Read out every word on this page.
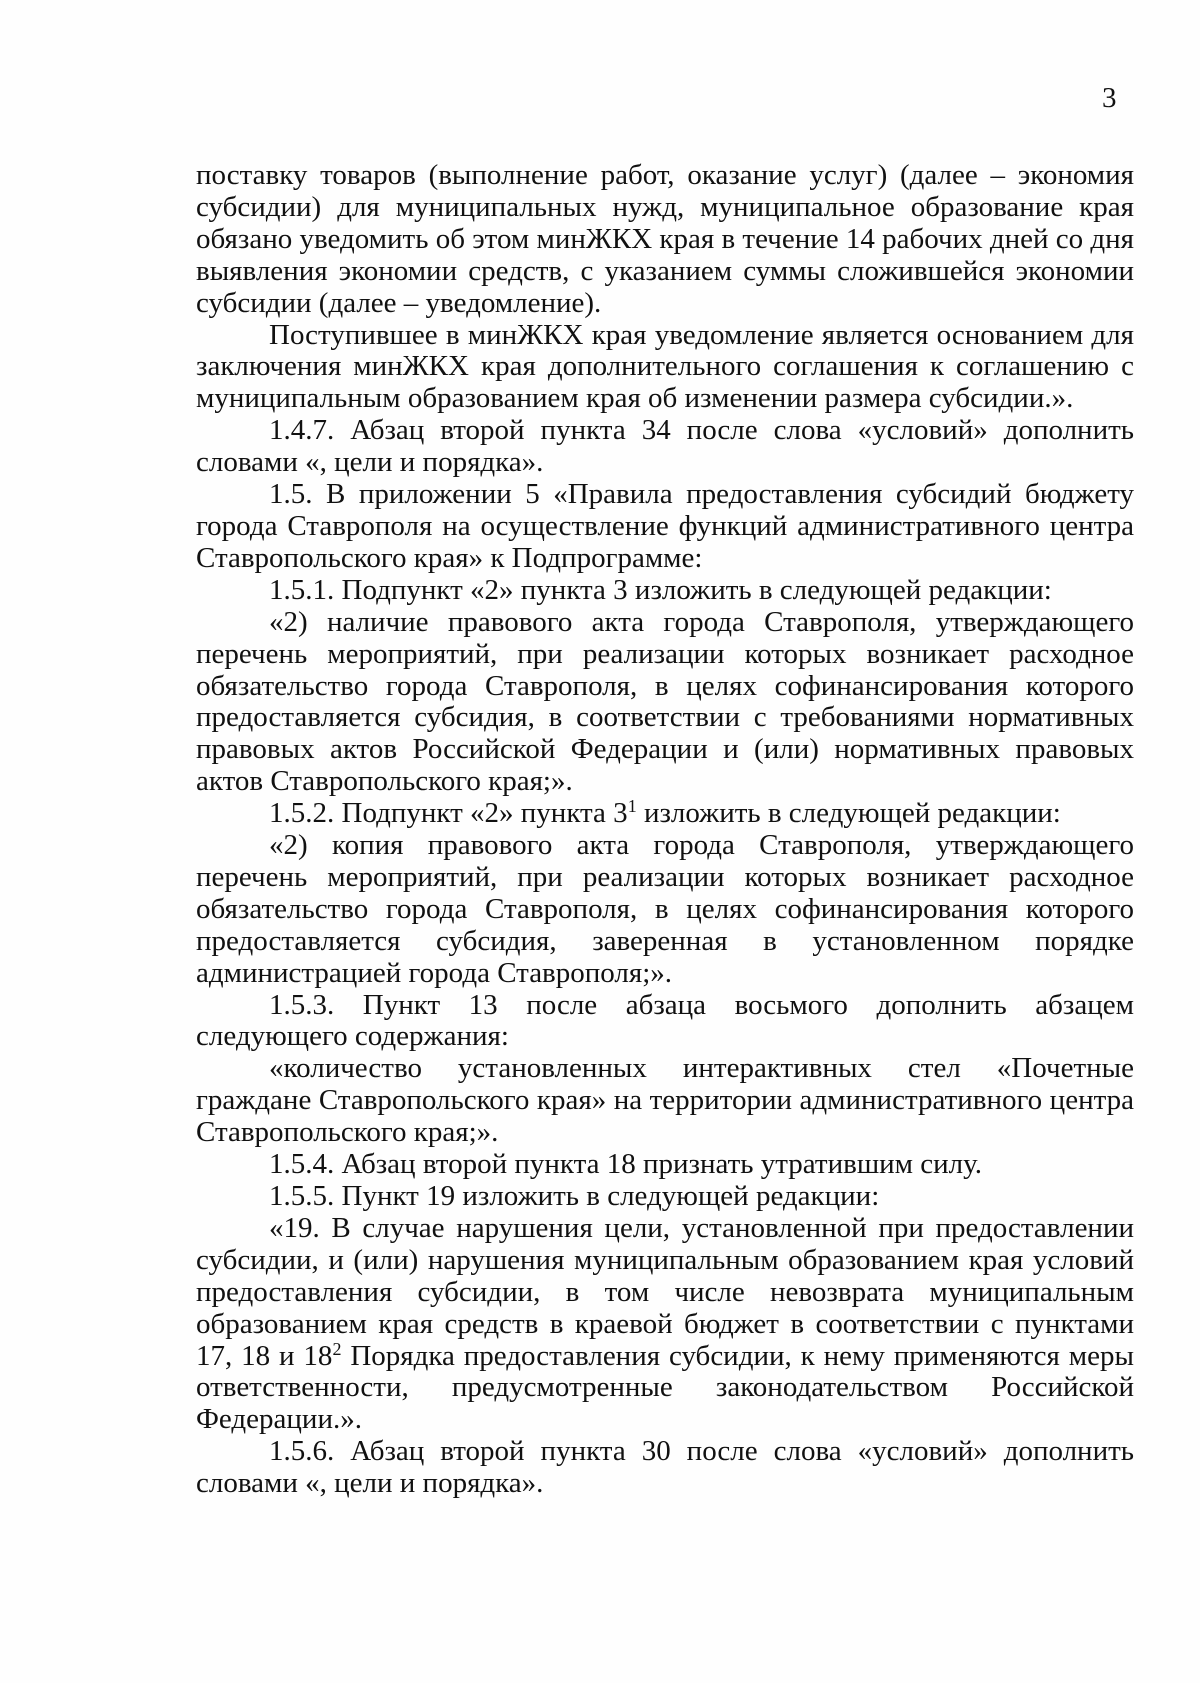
3

поставку товаров (выполнение работ, оказание услуг) (далее – экономия субсидии) для муниципальных нужд, муниципальное образование края обязано уведомить об этом минЖКХ края в течение 14 рабочих дней со дня выявления экономии средств, с указанием суммы сложившейся экономии субсидии (далее – уведомление).

Поступившее в минЖКХ края уведомление является основанием для заключения минЖКХ края дополнительного соглашения к соглашению с муниципальным образованием края об изменении размера субсидии.».

1.4.7. Абзац второй пункта 34 после слова «условий» дополнить словами «, цели и порядка».

1.5. В приложении 5 «Правила предоставления субсидий бюджету города Ставрополя на осуществление функций административного центра Ставропольского края» к Подпрограмме:

1.5.1. Подпункт «2» пункта 3 изложить в следующей редакции:

«2) наличие правового акта города Ставрополя, утверждающего перечень мероприятий, при реализации которых возникает расходное обязательство города Ставрополя, в целях софинансирования которого предоставляется субсидия, в соответствии с требованиями нормативных правовых актов Российской Федерации и (или) нормативных правовых актов Ставропольского края;».

1.5.2. Подпункт «2» пункта $3^1$ изложить в следующей редакции:

«2) копия правового акта города Ставрополя, утверждающего перечень мероприятий, при реализации которых возникает расходное обязательство города Ставрополя, в целях софинансирования которого предоставляется субсидия, заверенная в установленном порядке администрацией города Ставрополя;».

1.5.3. Пункт 13 после абзаца восьмого дополнить абзацем следующего содержания:

«количество установленных интерактивных стел «Почетные граждане Ставропольского края» на территории административного центра Ставропольского края;».

1.5.4. Абзац второй пункта 18 признать утратившим силу.

1.5.5. Пункт 19 изложить в следующей редакции:

«19. В случае нарушения цели, установленной при предоставлении субсидии, и (или) нарушения муниципальным образованием края условий предоставления субсидии, в том числе невозврата муниципальным образованием края средств в краевой бюджет в соответствии с пунктами 17, 18 и $18^2$ Порядка предоставления субсидии, к нему применяются меры ответственности, предусмотренные законодательством Российской Федерации.».

1.5.6. Абзац второй пункта 30 после слова «условий» дополнить словами «, цели и порядка».
